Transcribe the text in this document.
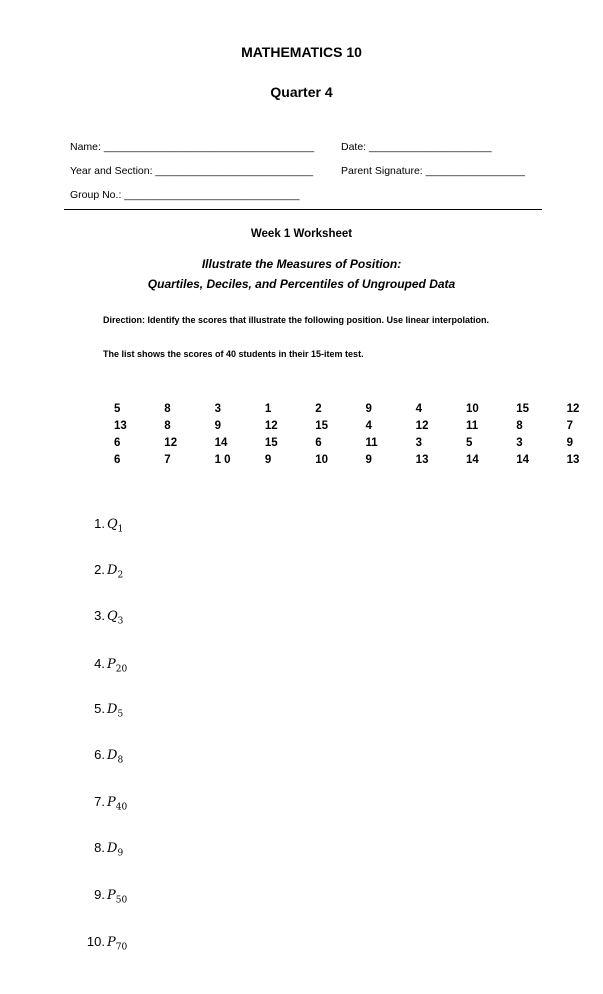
MATHEMATICS 10
Quarter 4
Name: ____________________________________	Date: _____________________
Year and Section: ___________________________	Parent Signature: _________________
Group No.: ______________________________
Week 1 Worksheet
Illustrate the Measures of Position:
Quartiles, Deciles, and Percentiles of Ungrouped Data
Direction: Identify the scores that illustrate the following position. Use linear interpolation.
The list shows the scores of 40 students in their 15-item test.
5	8	3	1	2	9	4	10	15	12
13	8	9	12	15	4	12	11	8	7
6	12	14	15	6	11	3	5	3	9
6	7	1 0	9	10	9	13	14	14	13
1. $Q_1$
2. $D_2$
3. $Q_3$
4. $P_{20}$
5. $D_5$
6. $D_8$
7. $P_{40}$
8. $D_9$
9. $P_{50}$
10. $P_{70}$
